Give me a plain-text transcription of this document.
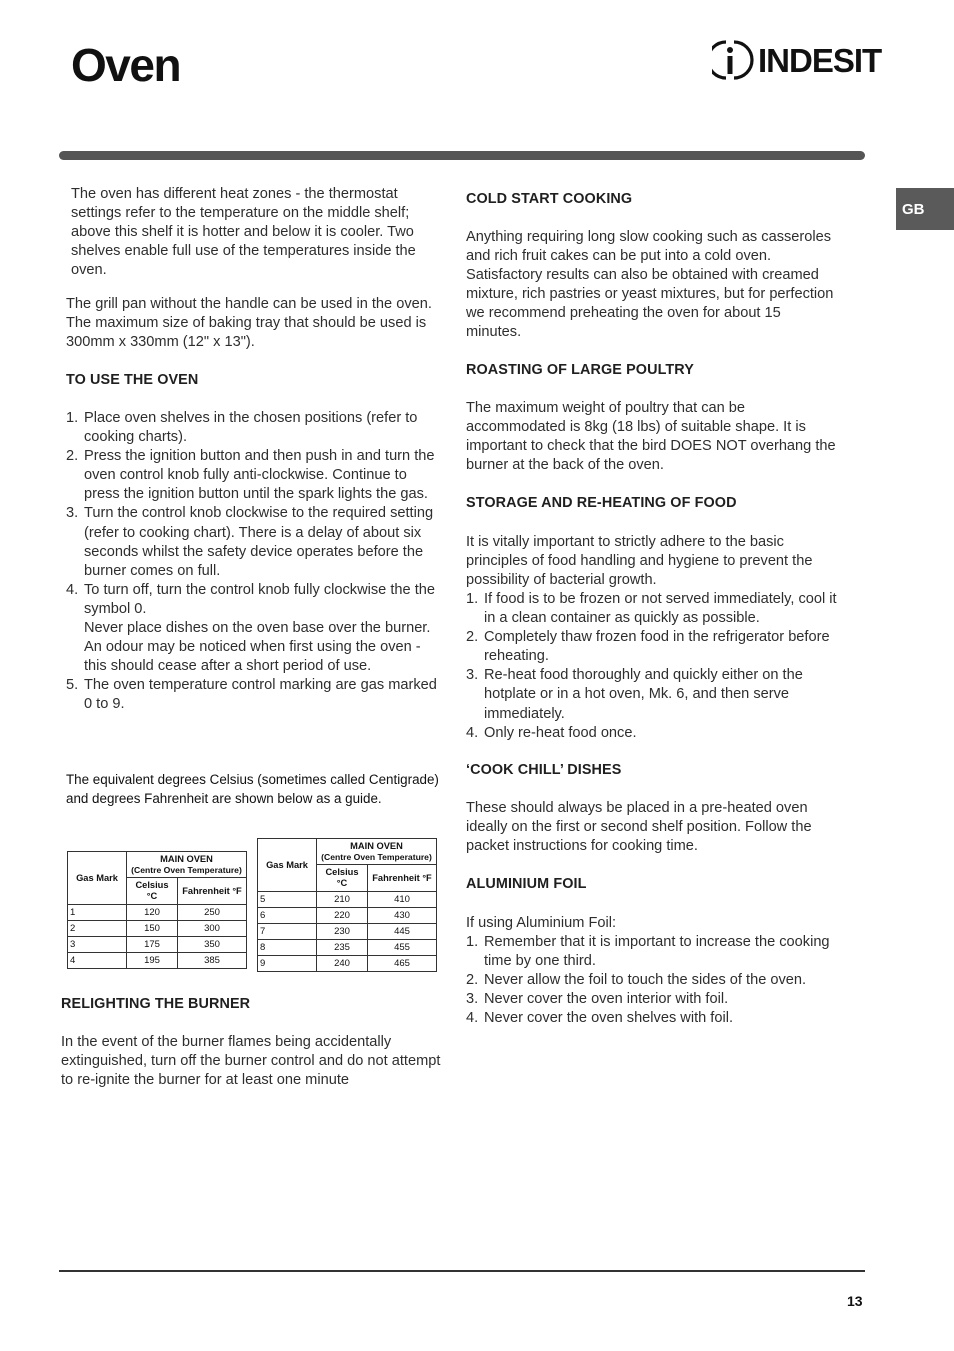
Oven	INDESIT
GB

The oven has different heat zones - the thermostat settings refer to the temperature on the middle shelf; above this shelf it is hotter and below it is cooler. Two shelves enable full use of the temperatures inside the oven.

The grill pan without the handle can be used in the oven. The maximum size of baking tray that should be used is 300mm x 330mm (12" x 13").

TO USE THE OVEN

1. Place oven shelves in the chosen positions (refer to cooking charts).
2. Press the ignition button and then push in and turn the oven control knob fully anti-clockwise. Continue to press the ignition button until the spark lights the gas.
3. Turn the control knob clockwise to the required setting (refer to cooking chart). There is a delay of about six seconds whilst the safety device operates before the burner comes on full.
4. To turn off, turn the control knob fully clockwise the the symbol 0.
Never place dishes on the oven base over the burner.
An odour may be noticed when first using the oven - this should cease after a short period of use.
5. The oven temperature control marking are gas marked 0 to 9.

The equivalent degrees Celsius (sometimes called Centigrade) and degrees Fahrenheit are shown below as a guide.

Gas Mark	MAIN OVEN
(Centre Oven Temperature)	
	Celsius
°C	Fahrenheit °F
1	120	250
2	150	300
3	175	350
4	195	385
Gas Mark	MAIN OVEN
(Centre Oven Temperature)	
	Celsius
°C	Fahrenheit °F
5	210	410
6	220	430
7	230	445
8	235	455
9	240	465

RELIGHTING THE BURNER

In the event of the burner flames being accidentally extinguished, turn off the burner control and do not attempt to re-ignite the burner for at least one minute

COLD START COOKING

Anything requiring long slow cooking such as casseroles and rich fruit cakes can be put into a cold oven. Satisfactory results can also be obtained with creamed mixture, rich pastries or yeast mixtures, but for perfection we recommend preheating the oven for about 15 minutes.

ROASTING OF LARGE POULTRY

The maximum weight of poultry that can be accommodated is 8kg (18 lbs) of suitable shape. It is important to check that the bird DOES NOT overhang the burner at the back of the oven.

STORAGE AND RE-HEATING OF FOOD

It is vitally important to strictly adhere to the basic principles of food handling and hygiene to prevent the possibility of bacterial growth.

1. If food is to be frozen or not served immediately, cool it in a clean container as quickly as possible.
2. Completely thaw frozen food in the refrigerator before reheating.
3. Re-heat food thoroughly and quickly either on the hotplate or in a hot oven, Mk. 6, and then serve immediately.
4. Only re-heat food once.

‘COOK CHILL’ DISHES

These should always be placed in a pre-heated oven ideally on the first or second shelf position. Follow the packet instructions for cooking time.

ALUMINIUM FOIL

If using Aluminium Foil:

1. Remember that it is important to increase the cooking time by one third.
2. Never allow the foil to touch the sides of the oven.
3. Never cover the oven interior with foil.
4. Never cover the oven shelves with foil.
13
